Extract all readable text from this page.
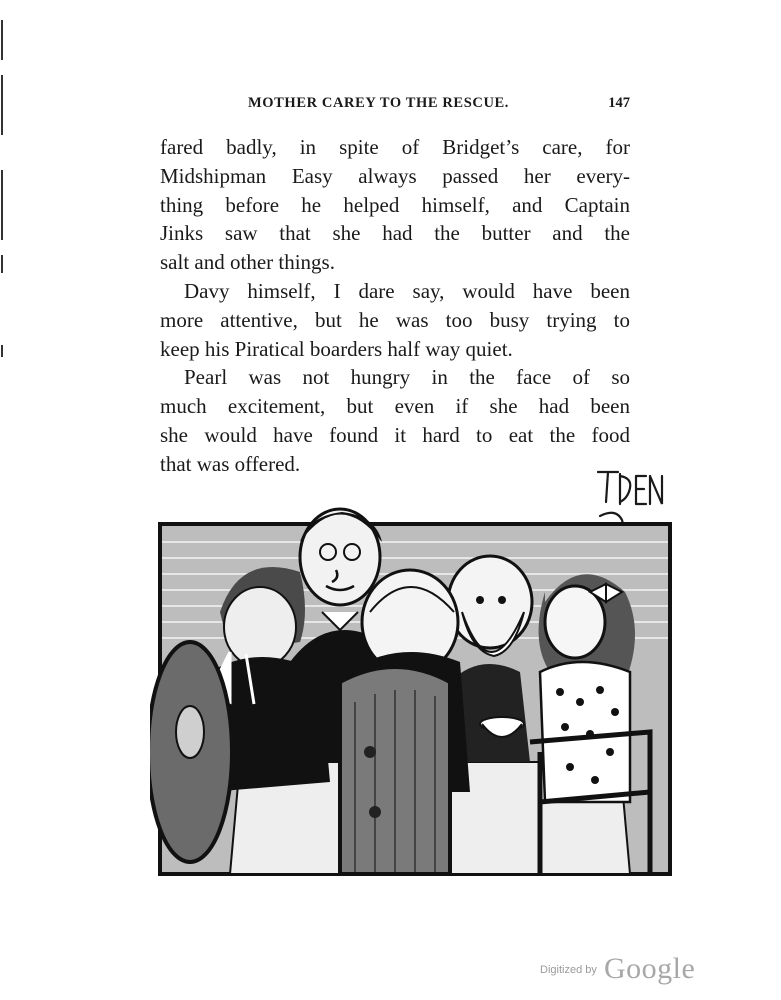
MOTHER CAREY TO THE RESCUE.	147

fared badly, in spite of Bridget’s care, for

Midshipman Easy always passed her every-

thing before he helped himself, and Captain

Jinks saw that she had the butter and the

salt and other things.

Davy himself, I dare say, would have been

more attentive, but he was too busy trying to

keep his Piratical boarders half way quiet.

Pearl was not hungry in the face of so

much excitement, but even if she had been

she would have found it hard to eat the food

that was offered.

Digitized by Google
